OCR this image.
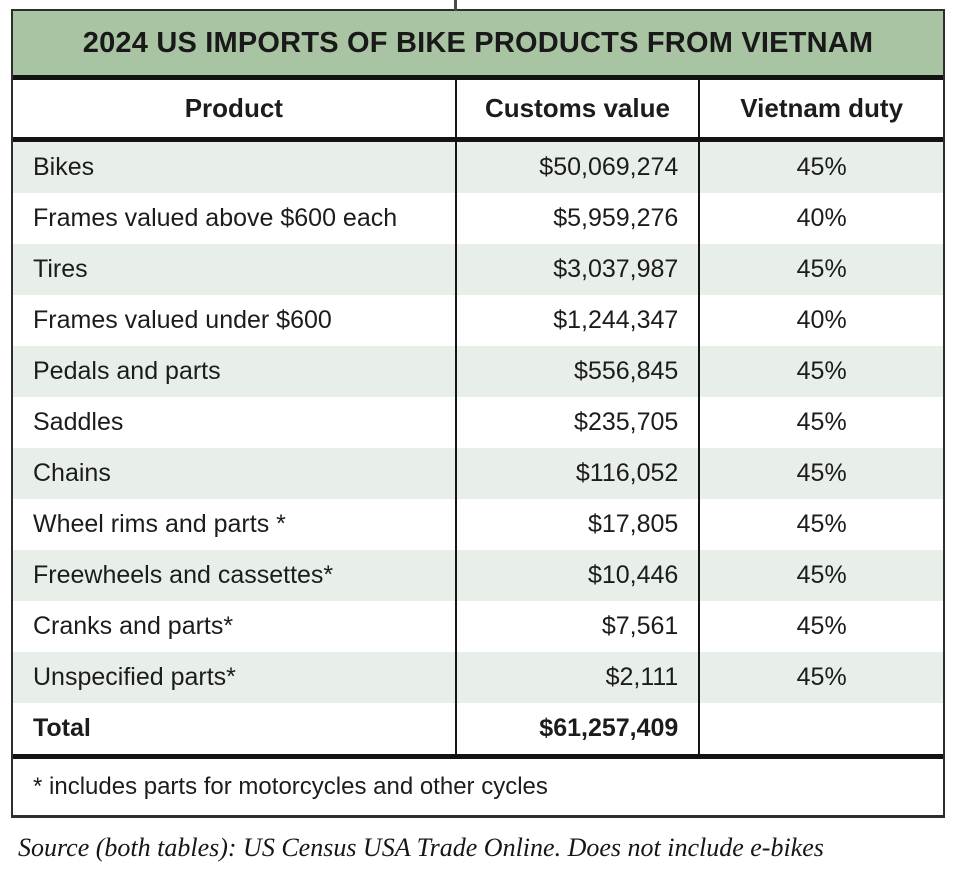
2024 US IMPORTS OF BIKE PRODUCTS FROM VIETNAM
Product	Customs value	Vietnam duty
Bikes	$50,069,274	45%
Frames valued above $600 each	$5,959,276	40%
Tires	$3,037,987	45%
Frames valued under $600	$1,244,347	40%
Pedals and parts	$556,845	45%
Saddles	$235,705	45%
Chains	$116,052	45%
Wheel rims and parts *	$17,805	45%
Freewheels and cassettes*	$10,446	45%
Cranks and parts*	$7,561	45%
Unspecified parts*	$2,111	45%
Total	$61,257,409	
* includes parts for motorcycles and other cycles		
Source (both tables): US Census USA Trade Online. Does not include e-bikes
